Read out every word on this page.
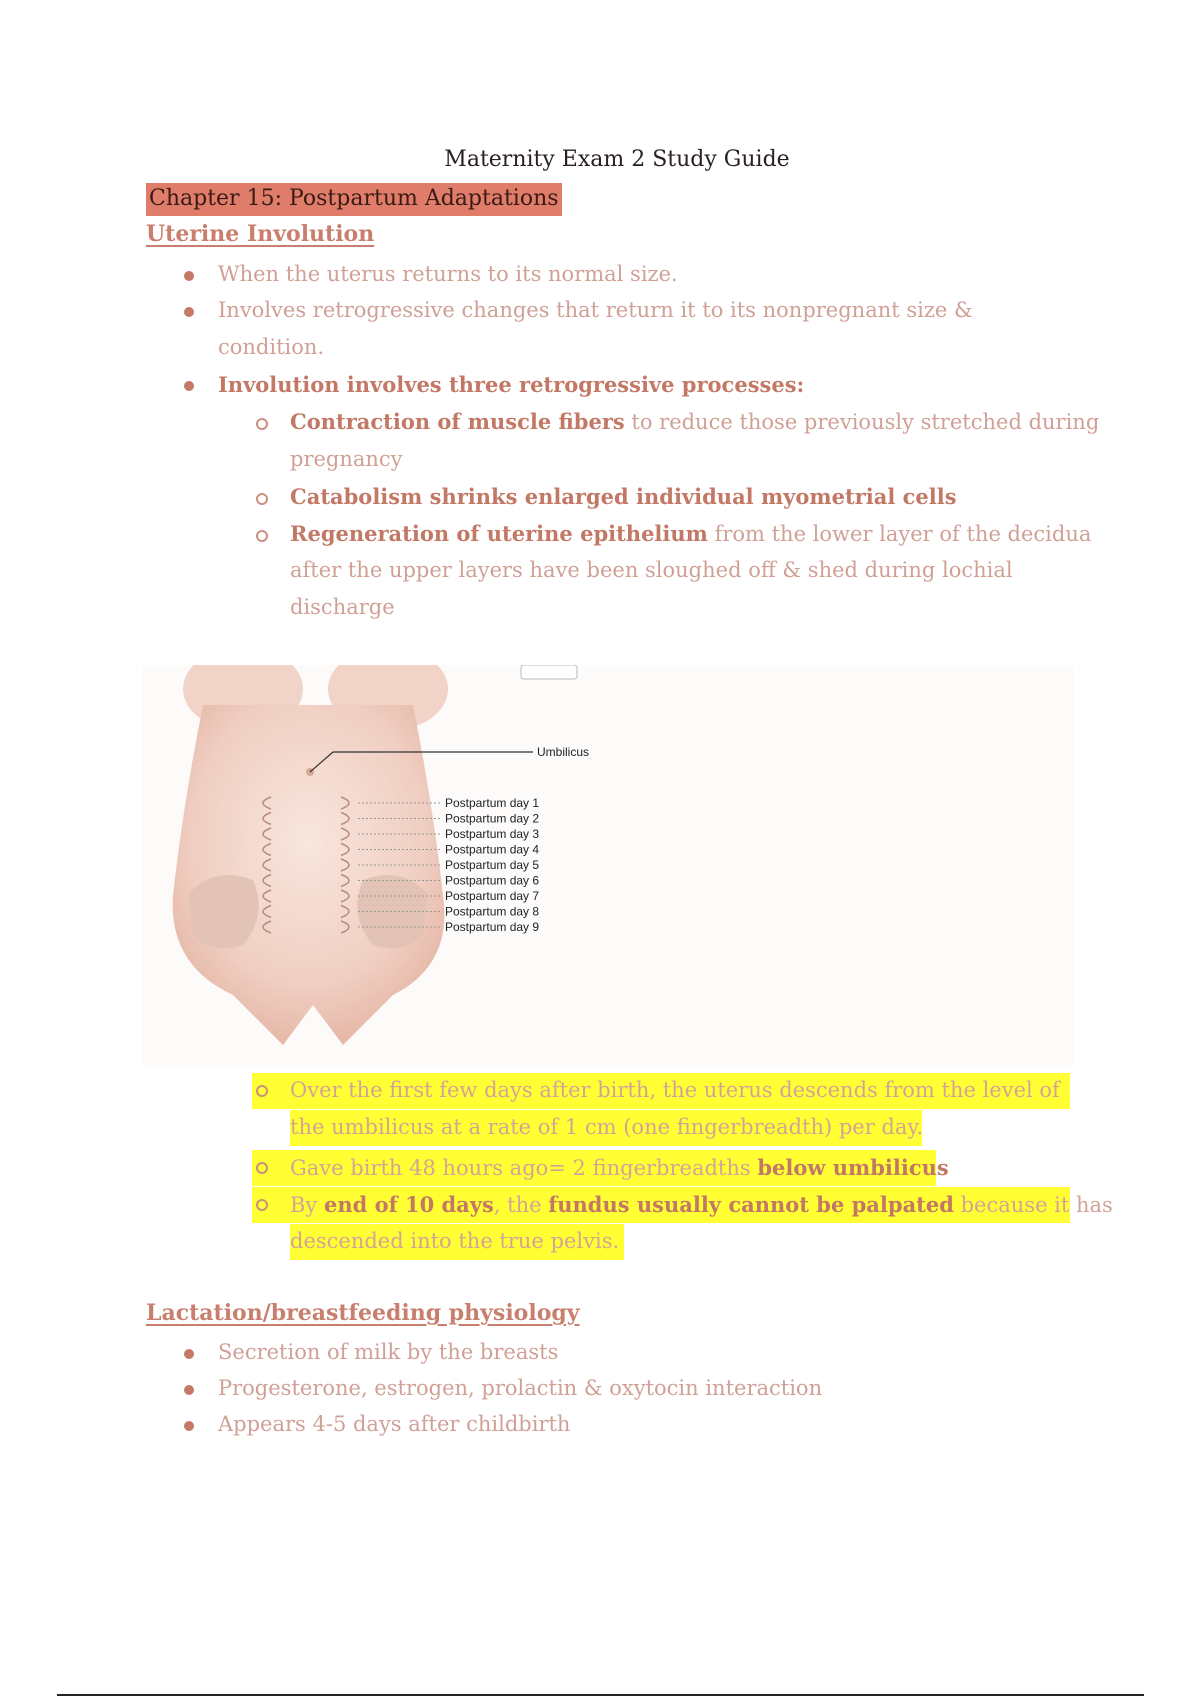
Maternity Exam 2 Study Guide
Chapter 15: Postpartum Adaptations
Uterine Involution
When the uterus returns to its normal size.
Involves retrogressive changes that return it to its nonpregnant size &
condition.
Involution involves three retrogressive processes:
Contraction of muscle fibers to reduce those previously stretched during
pregnancy
Catabolism shrinks enlarged individual myometrial cells
Regeneration of uterine epithelium from the lower layer of the decidua
after the upper layers have been sloughed off & shed during lochial
discharge
Umbilicus
Postpartum day 1
Postpartum day 2
Postpartum day 3
Postpartum day 4
Postpartum day 5
Postpartum day 6
Postpartum day 7
Postpartum day 8
Postpartum day 9
Over the first few days after birth, the uterus descends from the level of
the umbilicus at a rate of 1 cm (one fingerbreadth) per day.
Gave birth 48 hours ago= 2 fingerbreadths below umbilicus
By end of 10 days, the fundus usually cannot be palpated because it has
descended into the true pelvis.
Lactation/breastfeeding physiology
Secretion of milk by the breasts
Progesterone, estrogen, prolactin & oxytocin interaction
Appears 4-5 days after childbirth
